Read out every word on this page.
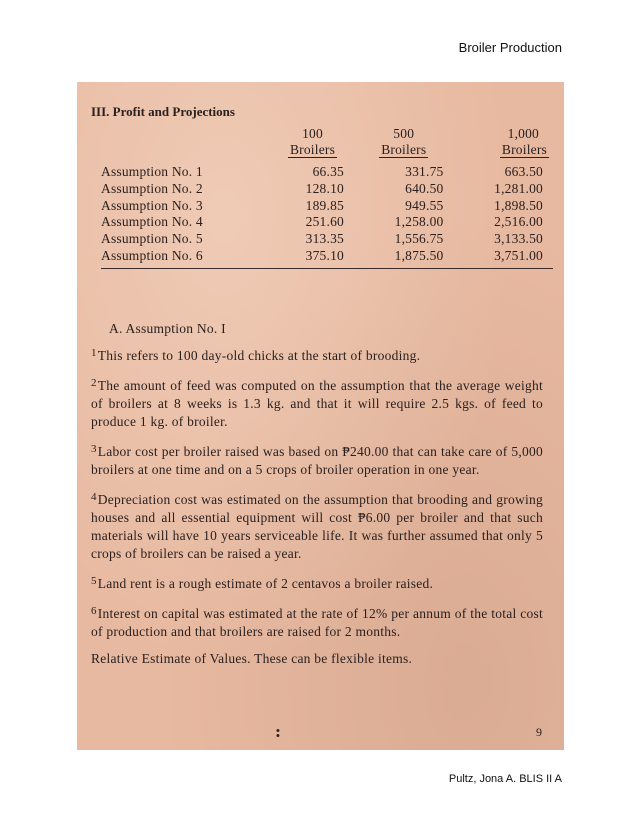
Broiler Production
III. Profit and Projections
	100	500	1,000
	Broilers	Broilers	Broilers

Assumption No. 1	66.35	331.75	663.50
Assumption No. 2	128.10	640.50	1,281.00
Assumption No. 3	189.85	949.55	1,898.50
Assumption No. 4	251.60	1,258.00	2,516.00
Assumption No. 5	313.35	1,556.75	3,133.50
Assumption No. 6	375.10	1,875.50	3,751.00

A. Assumption No. I
$^1$This refers to 100 day-old chicks at the start of brooding.
$^2$The amount of feed was computed on the assumption that the average weight of broilers at 8 weeks is 1.3 kg. and that it will require 2.5 kgs. of feed to produce 1 kg. of broiler.
$^3$Labor cost per broiler raised was based on ₱240.00 that can take care of 5,000 broilers at one time and on a 5 crops of broiler operation in one year.
$^4$Depreciation cost was estimated on the assumption that brooding and growing houses and all essential equipment will cost ₱6.00 per broiler and that such materials will have 10 years serviceable life. It was further assumed that only 5 crops of broilers can be raised a year.
$^5$Land rent is a rough estimate of 2 centavos a broiler raised.
$^6$Interest on capital was estimated at the rate of 12% per annum of the total cost of production and that broilers are raised for 2 months.
Relative Estimate of Values. These can be flexible items.
:	9
Pultz, Jona A. BLIS II A
